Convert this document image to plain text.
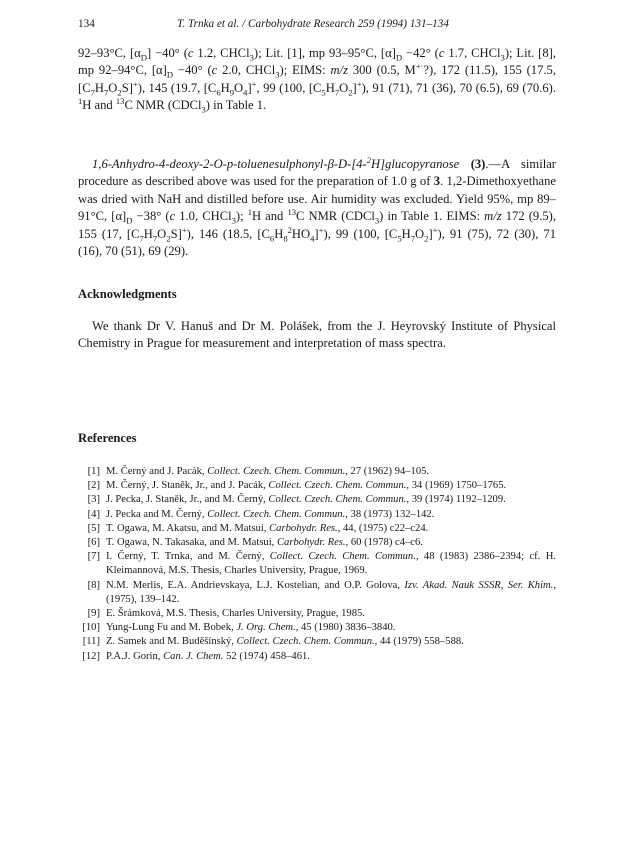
134	T. Trnka et al. / Carbohydrate Research 259 (1994) 131–134

92–93°C, $[\alpha_D] -40^\circ$ (c 1.2, CHCl$_3$); Lit. [1], mp 93–95°C, $[\alpha]_D -42^\circ$ (c 1.7, CHCl$_3$); Lit. [8], mp 92–94°C, $[\alpha]_D -40^\circ$ (c 2.0, CHCl$_3$); EIMS: m/z 300 (0.5, M+·?), 172 (11.5), 155 (17.5, $[C_7H_7O_2S]^+$), 145 (19.7, $[C_6H_9O_4]^+$, 99 (100, $[C_5H_7O_2]^+$), 91 (71), 71 (36), 70 (6.5), 69 (70.6). $^1$H and $^{13}$C NMR (CDCl$_3$) in Table 1.

1,6-Anhydro-4-deoxy-2-O-p-toluenesulphonyl-β-D-[4-$^2$H]glucopyranose (3).—A similar procedure as described above was used for the preparation of 1.0 g of 3. 1,2-Dimethoxyethane was dried with NaH and distilled before use. Air humidity was excluded. Yield 95%, mp 89–91°C, $[\alpha]_D -38^\circ$ (c 1.0, CHCl$_3$); $^1$H and $^{13}$C NMR (CDCl$_3$) in Table 1. EIMS: m/z 172 (9.5), 155 (17, $[C_7H_7O_2S]^+$), 146 (18.5, $[C_6H_8^2HO_4]^+$), 99 (100, $[C_5H_7O_2]^+$), 91 (75), 72 (30), 71 (16), 70 (51), 69 (29).

Acknowledgments

We thank Dr V. Hanuš and Dr M. Polášek, from the J. Heyrovský Institute of Physical Chemistry in Prague for measurement and interpretation of mass spectra.

References
[1] M. Černý and J. Pacák, Collect. Czech. Chem. Commun., 27 (1962) 94–105.
[2] M. Černý, J. Staněk, Jr., and J. Pacák, Collect. Czech. Chem. Commun., 34 (1969) 1750–1765.
[3] J. Pecka, J. Staněk, Jr., and M. Černý, Collect. Czech. Chem. Commun., 39 (1974) 1192–1209.
[4] J. Pecka and M. Černý, Collect. Czech. Chem. Commun., 38 (1973) 132–142.
[5] T. Ogawa, M. Akatsu, and M. Matsui, Carbohydr. Res., 44, (1975) c22–c24.
[6] T. Ogawa, N. Takasaka, and M. Matsui, Carbohydr. Res., 60 (1978) c4–c6.
[7] I. Černý, T. Trnka, and M. Černý, Collect. Czech. Chem. Commun., 48 (1983) 2386–2394; cf. H. Kleimannová, M.S. Thesis, Charles University, Prague, 1969.
[8] N.M. Merlis, E.A. Andrievskaya, L.J. Kostelian, and O.P. Golova, Izv. Akad. Nauk SSSR, Ser. Khim., (1975), 139–142.
[9] E. Šrámková, M.S. Thesis, Charles University, Prague, 1985.
[10] Yung-Lung Fu and M. Bobek, J. Org. Chem., 45 (1980) 3836–3840.
[11] Z. Samek and M. Buděšínský, Collect. Czech. Chem. Commun., 44 (1979) 558–588.
[12] P.A.J. Gorin, Can. J. Chem. 52 (1974) 458–461.
